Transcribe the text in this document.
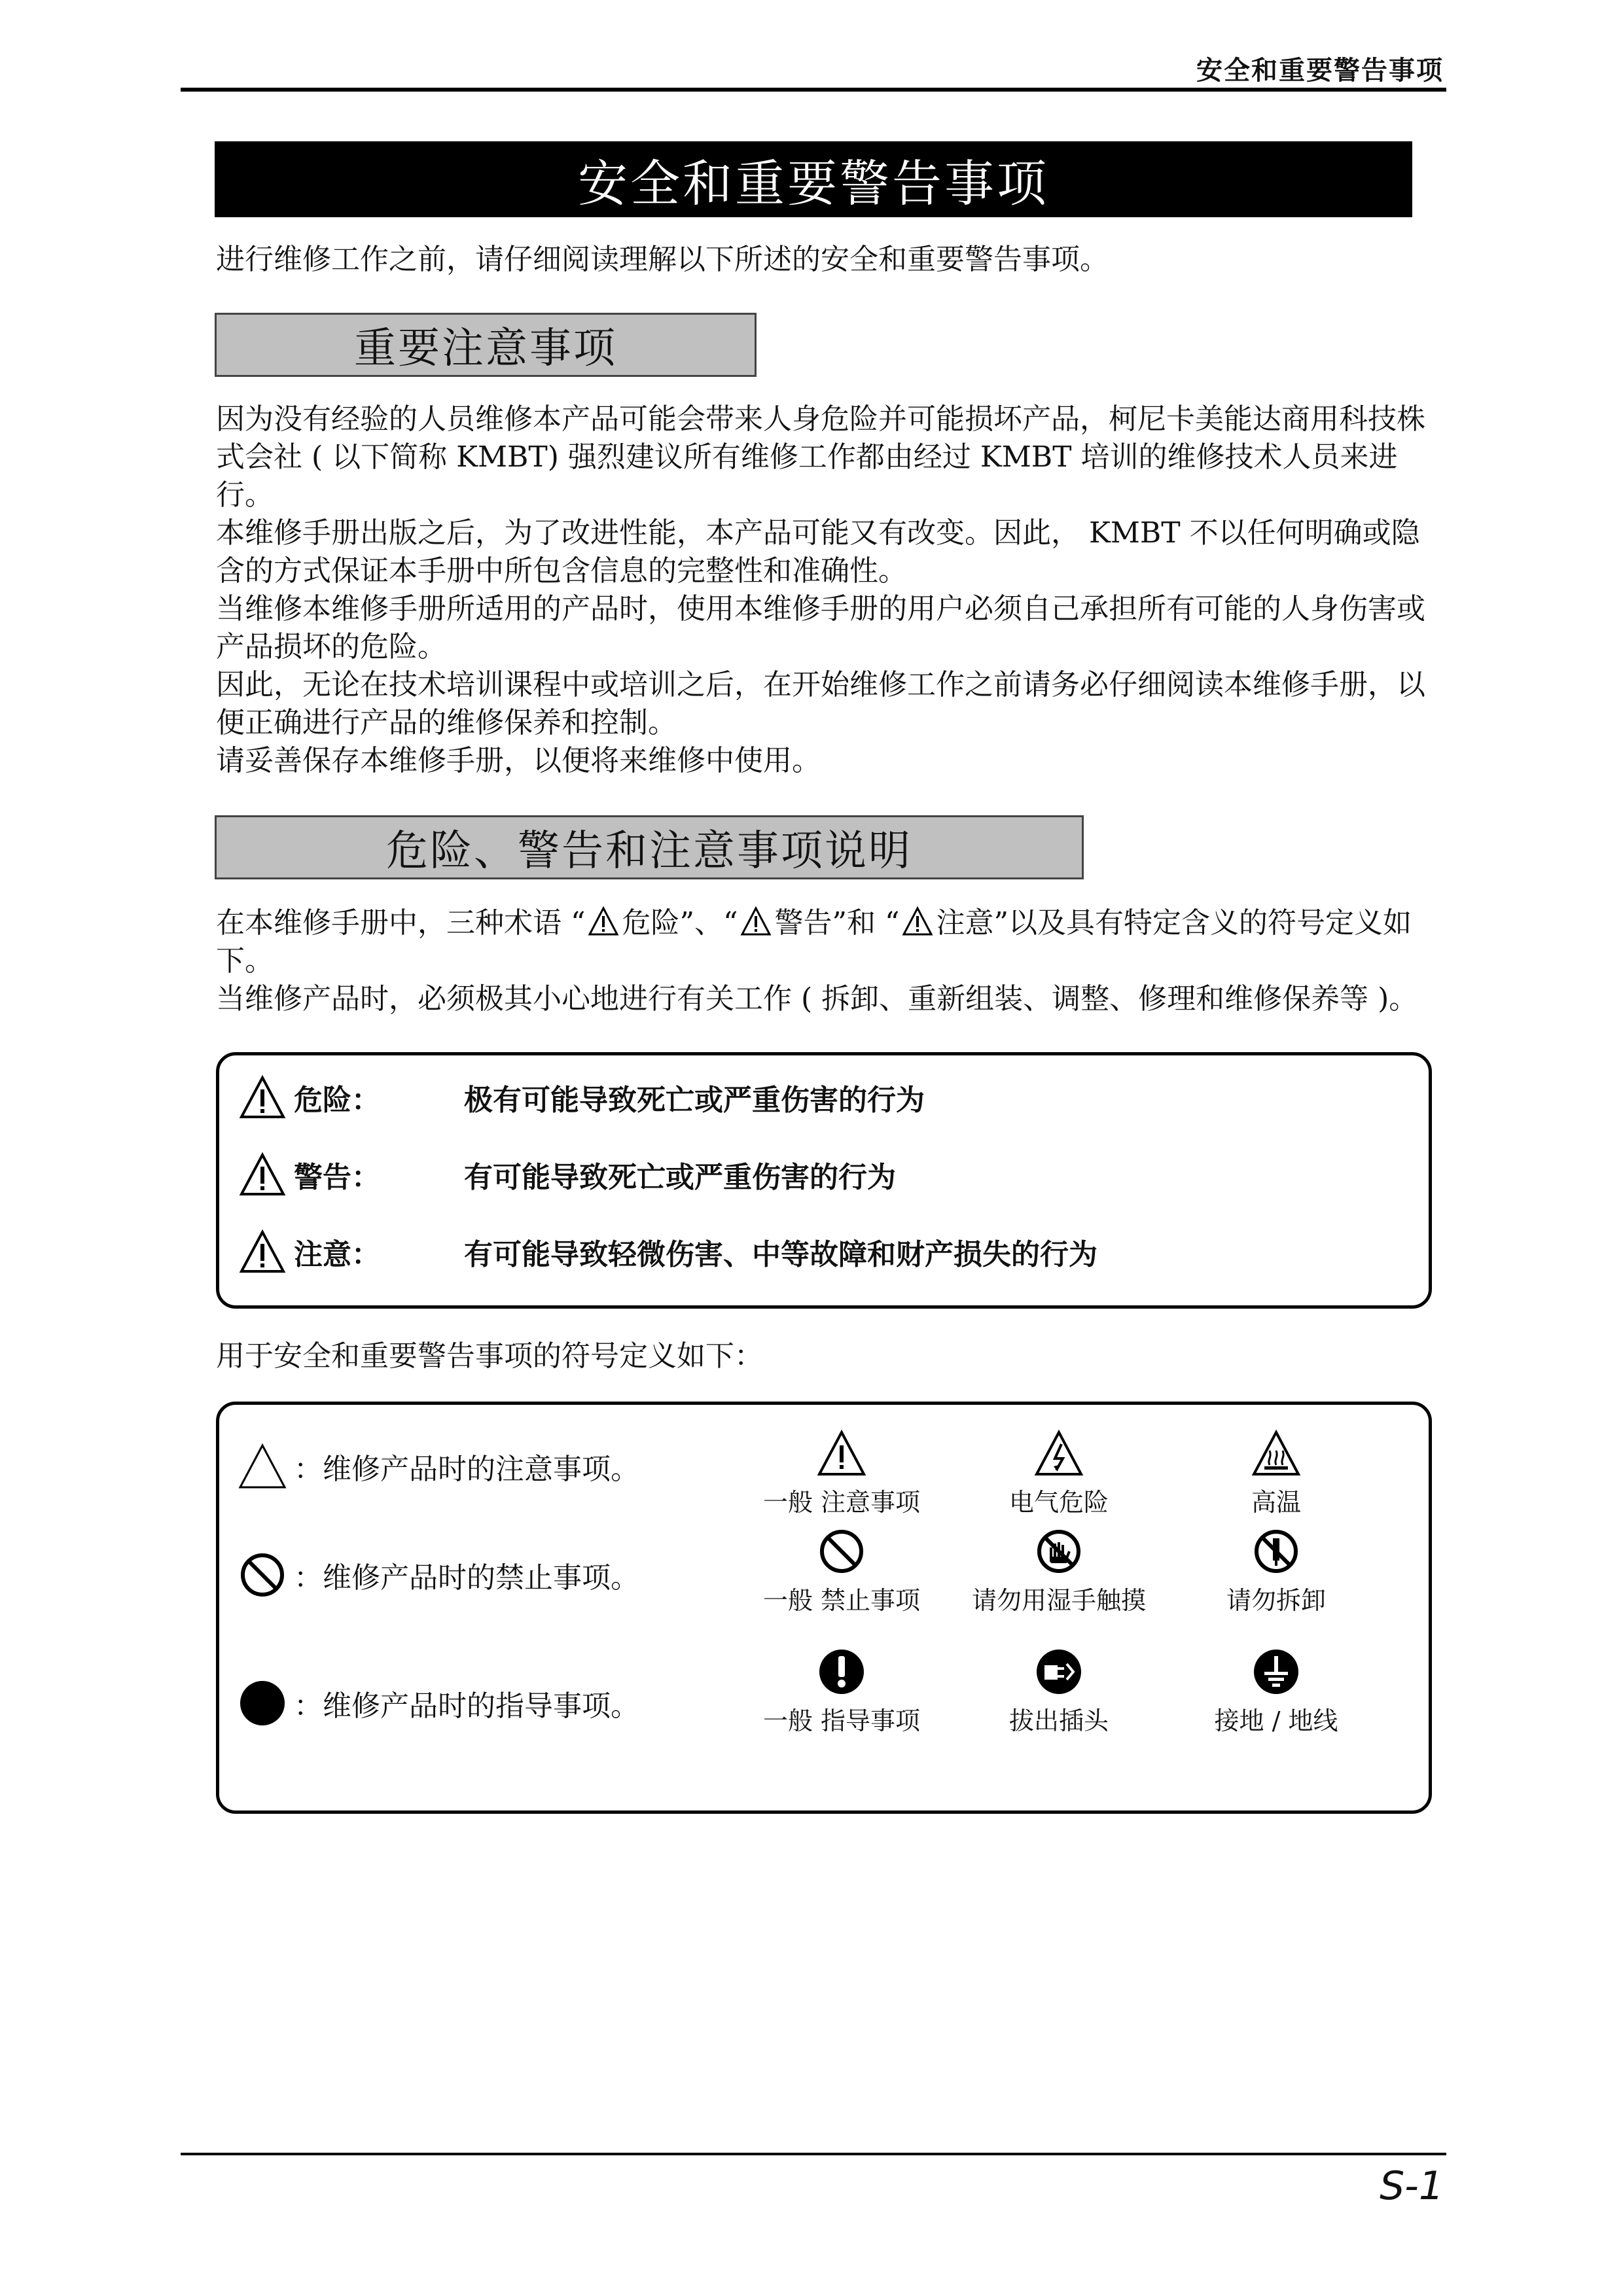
安全和重要警告事项
安全和重要警告事项
进行维修工作之前，请仔细阅读理解以下所述的安全和重要警告事项。
重要注意事项

因为没有经验的人员维修本产品可能会带来人身危险并可能损坏产品，柯尼卡美能达商用科技株式会社 ( 以下简称 KMBT) 强烈建议所有维修工作都由经过 KMBT 培训的维修技术人员来进行。

本维修手册出版之后，为了改进性能，本产品可能又有改变。因此， KMBT 不以任何明确或隐含的方式保证本手册中所包含信息的完整性和准确性。

当维修本维修手册所适用的产品时，使用本维修手册的用户必须自己承担所有可能的人身伤害或产品损坏的危险。

因此，无论在技术培训课程中或培训之后，在开始维修工作之前请务必仔细阅读本维修手册，以便正确进行产品的维修保养和控制。

请妥善保存本维修手册，以便将来维修中使用。

危险、警告和注意事项说明

在本维修手册中，三种术语 “ 危险”、“ 警告”和 “ 注意”以及具有特定含义的符号定义如下。

当维修产品时，必须极其小心地进行有关工作 ( 拆卸、重新组装、调整、修理和维修保养等 )。

危险：	极有可能导致死亡或严重伤害的行为
警告：	有可能导致死亡或严重伤害的行为
注意：	有可能导致轻微伤害、中等故障和财产损失的行为
用于安全和重要警告事项的符号定义如下：
：维修产品时的注意事项。
一般 注意事项	电气危险	高温
：维修产品时的禁止事项。
一般 禁止事项	请勿用湿手触摸	请勿拆卸
：维修产品时的指导事项。	一般 指导事项	拔出插头	接地 / 地线
S-1
